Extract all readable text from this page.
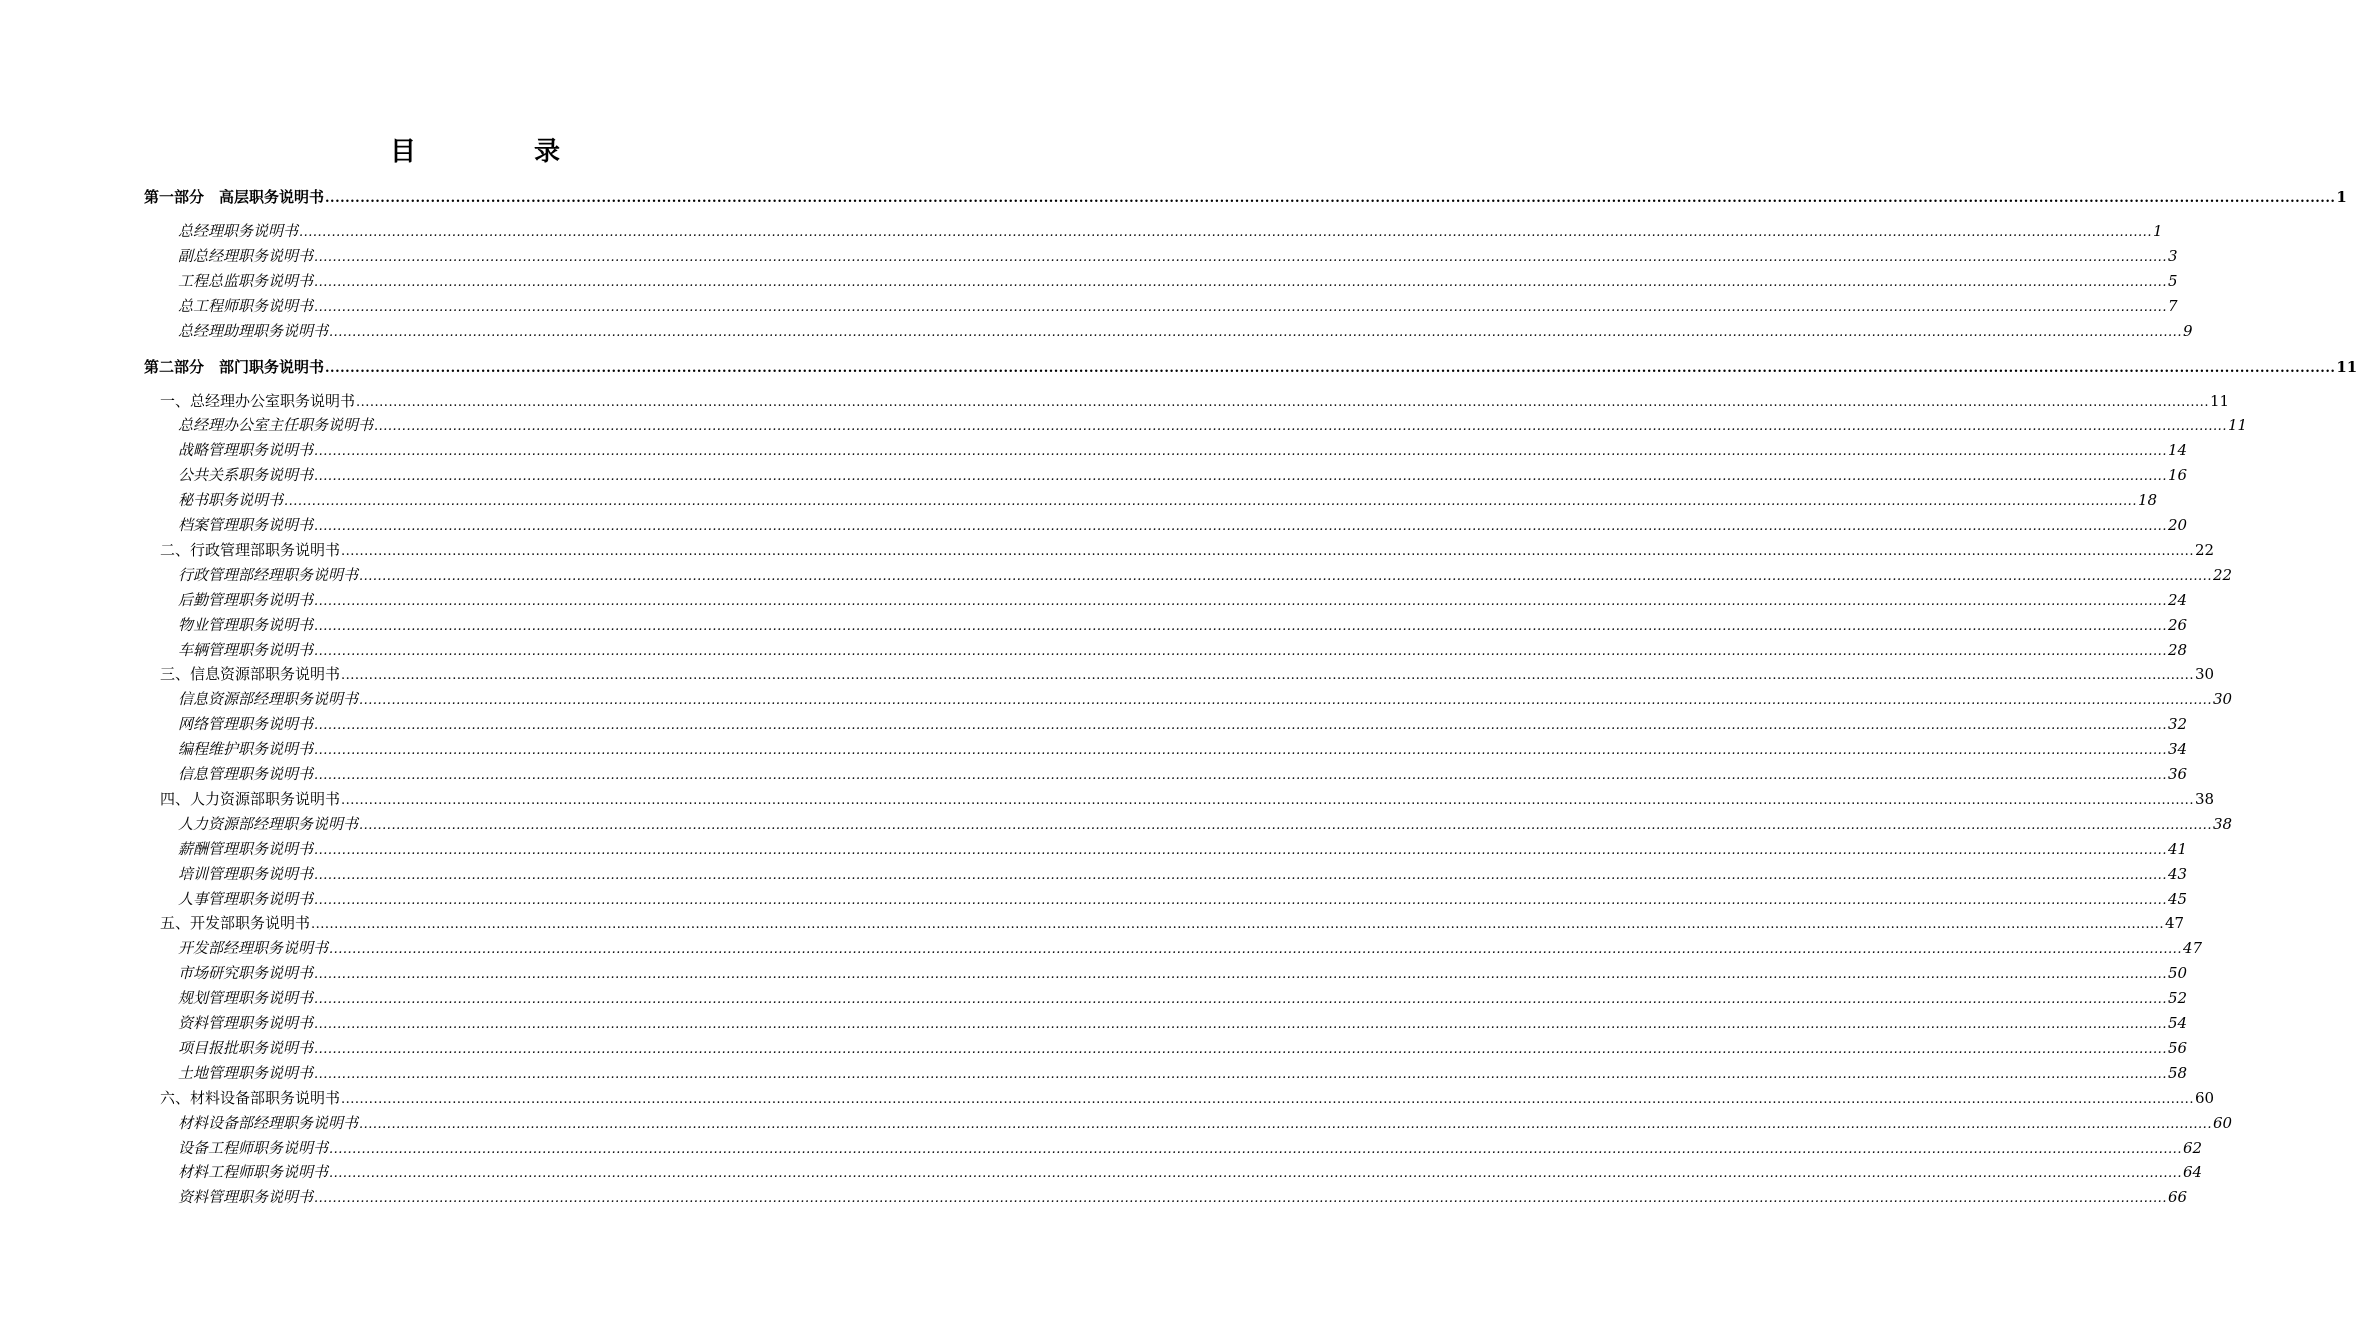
目　录
第一部分　高层职务说明书 ................................................................................................................................................................................................................................................................................................................................................................................................................ 1
总经理职务说明书 ................................................................................................................................................................................................................................................................................................................................................................................................................ 1
副总经理职务说明书 ................................................................................................................................................................................................................................................................................................................................................................................................................ 3
工程总监职务说明书 ................................................................................................................................................................................................................................................................................................................................................................................................................ 5
总工程师职务说明书 ................................................................................................................................................................................................................................................................................................................................................................................................................ 7
总经理助理职务说明书 ................................................................................................................................................................................................................................................................................................................................................................................................................ 9
第二部分　部门职务说明书 ................................................................................................................................................................................................................................................................................................................................................................................................................ 11
一、总经理办公室职务说明书 ................................................................................................................................................................................................................................................................................................................................................................................................................ 11
总经理办公室主任职务说明书 ................................................................................................................................................................................................................................................................................................................................................................................................................ 11
战略管理职务说明书 ................................................................................................................................................................................................................................................................................................................................................................................................................ 14
公共关系职务说明书 ................................................................................................................................................................................................................................................................................................................................................................................................................ 16
秘书职务说明书 ................................................................................................................................................................................................................................................................................................................................................................................................................ 18
档案管理职务说明书 ................................................................................................................................................................................................................................................................................................................................................................................................................ 20
二、行政管理部职务说明书 ................................................................................................................................................................................................................................................................................................................................................................................................................ 22
行政管理部经理职务说明书 ................................................................................................................................................................................................................................................................................................................................................................................................................ 22
后勤管理职务说明书 ................................................................................................................................................................................................................................................................................................................................................................................................................ 24
物业管理职务说明书 ................................................................................................................................................................................................................................................................................................................................................................................................................ 26
车辆管理职务说明书 ................................................................................................................................................................................................................................................................................................................................................................................................................ 28
三、信息资源部职务说明书 ................................................................................................................................................................................................................................................................................................................................................................................................................ 30
信息资源部经理职务说明书 ................................................................................................................................................................................................................................................................................................................................................................................................................ 30
网络管理职务说明书 ................................................................................................................................................................................................................................................................................................................................................................................................................ 32
编程维护职务说明书 ................................................................................................................................................................................................................................................................................................................................................................................................................ 34
信息管理职务说明书 ................................................................................................................................................................................................................................................................................................................................................................................................................ 36
四、人力资源部职务说明书 ................................................................................................................................................................................................................................................................................................................................................................................................................ 38
人力资源部经理职务说明书 ................................................................................................................................................................................................................................................................................................................................................................................................................ 38
薪酬管理职务说明书 ................................................................................................................................................................................................................................................................................................................................................................................................................ 41
培训管理职务说明书 ................................................................................................................................................................................................................................................................................................................................................................................................................ 43
人事管理职务说明书 ................................................................................................................................................................................................................................................................................................................................................................................................................ 45
五、开发部职务说明书 ................................................................................................................................................................................................................................................................................................................................................................................................................ 47
开发部经理职务说明书 ................................................................................................................................................................................................................................................................................................................................................................................................................ 47
市场研究职务说明书 ................................................................................................................................................................................................................................................................................................................................................................................................................ 50
规划管理职务说明书 ................................................................................................................................................................................................................................................................................................................................................................................................................ 52
资料管理职务说明书 ................................................................................................................................................................................................................................................................................................................................................................................................................ 54
项目报批职务说明书 ................................................................................................................................................................................................................................................................................................................................................................................................................ 56
土地管理职务说明书 ................................................................................................................................................................................................................................................................................................................................................................................................................ 58
六、材料设备部职务说明书 ................................................................................................................................................................................................................................................................................................................................................................................................................ 60
材料设备部经理职务说明书 ................................................................................................................................................................................................................................................................................................................................................................................................................ 60
设备工程师职务说明书 ................................................................................................................................................................................................................................................................................................................................................................................................................ 62
材料工程师职务说明书 ................................................................................................................................................................................................................................................................................................................................................................................................................ 64
资料管理职务说明书 ................................................................................................................................................................................................................................................................................................................................................................................................................ 66
